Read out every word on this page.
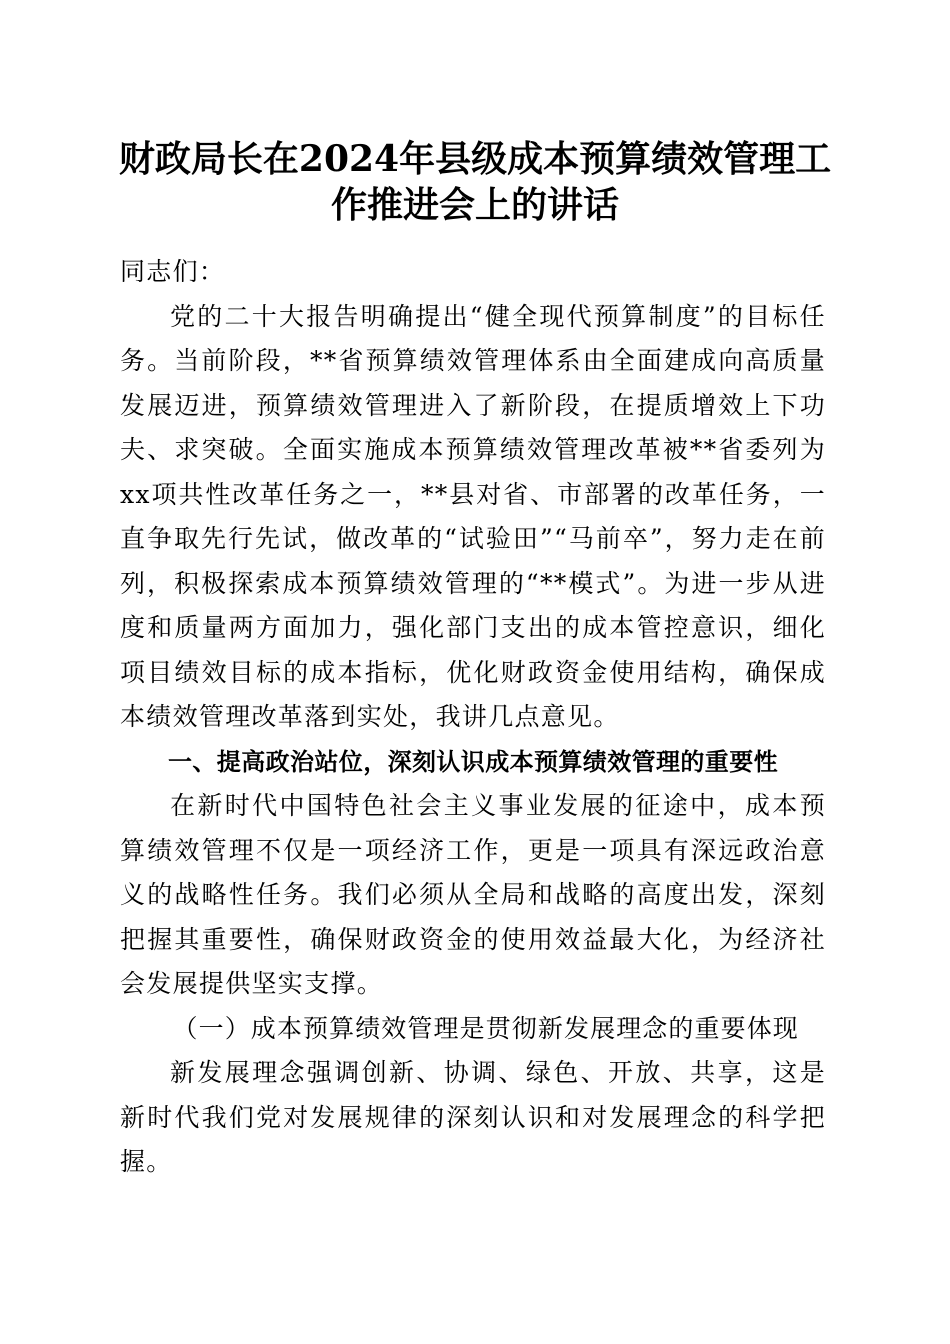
财政局长在2024年县级成本预算绩效管理工
作推进会上的讲话

同志们：

党的二十大报告明确提出“健全现代预算制度”的目标任务。当前阶段，**省预算绩效管理体系由全面建成向高质量发展迈进，预算绩效管理进入了新阶段，在提质增效上下功夫、求突破。全面实施成本预算绩效管理改革被**省委列为xx项共性改革任务之一，**县对省、市部署的改革任务，一直争取先行先试，做改革的“试验田”“马前卒”，努力走在前列，积极探索成本预算绩效管理的“**模式”。为进一步从进度和质量两方面加力，强化部门支出的成本管控意识，细化项目绩效目标的成本指标，优化财政资金使用结构，确保成本绩效管理改革落到实处，我讲几点意见。

一、提高政治站位，深刻认识成本预算绩效管理的重要性

在新时代中国特色社会主义事业发展的征途中，成本预算绩效管理不仅是一项经济工作，更是一项具有深远政治意义的战略性任务。我们必须从全局和战略的高度出发，深刻把握其重要性，确保财政资金的使用效益最大化，为经济社会发展提供坚实支撑。

（一）成本预算绩效管理是贯彻新发展理念的重要体现

新发展理念强调创新、协调、绿色、开放、共享，这是新时代我们党对发展规律的深刻认识和对发展理念的科学把握。
